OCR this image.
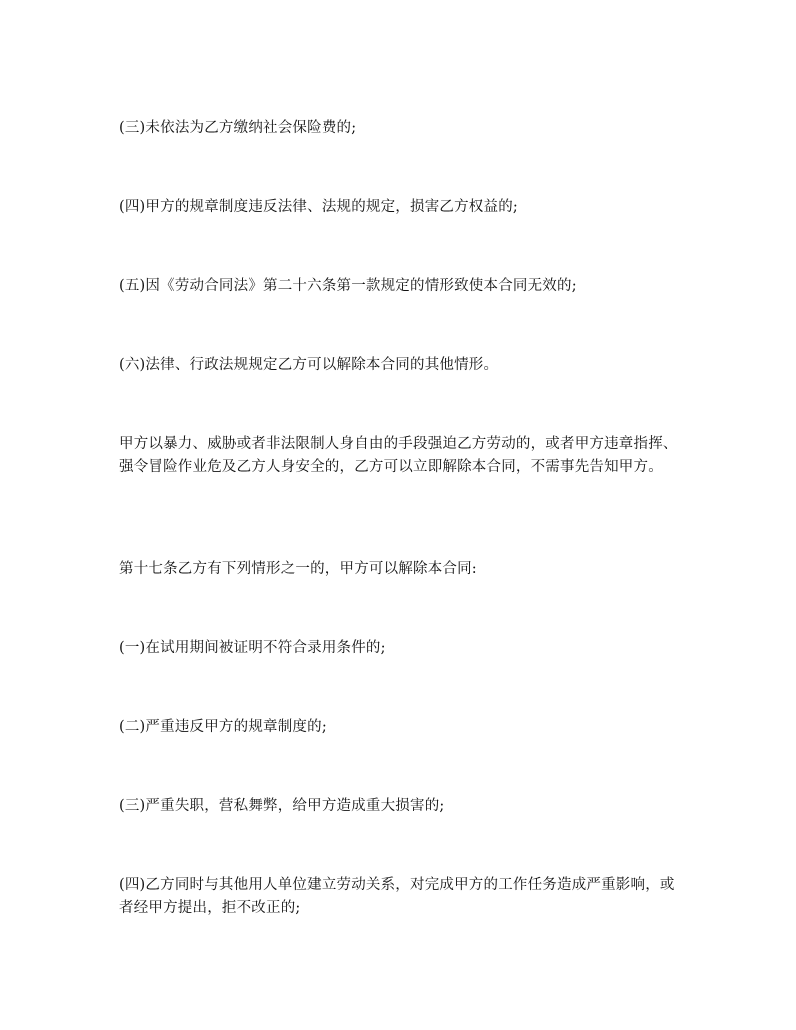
(三)未依法为乙方缴纳社会保险费的;

(四)甲方的规章制度违反法律、法规的规定，损害乙方权益的;

(五)因《劳动合同法》第二十六条第一款规定的情形致使本合同无效的;

(六)法律、行政法规规定乙方可以解除本合同的其他情形。

甲方以暴力、威胁或者非法限制人身自由的手段强迫乙方劳动的，或者甲方违章指挥、强令冒险作业危及乙方人身安全的，乙方可以立即解除本合同，不需事先告知甲方。

第十七条乙方有下列情形之一的，甲方可以解除本合同:

(一)在试用期间被证明不符合录用条件的;

(二)严重违反甲方的规章制度的;

(三)严重失职，营私舞弊，给甲方造成重大损害的;

(四)乙方同时与其他用人单位建立劳动关系，对完成甲方的工作任务造成严重影响，或者经甲方提出，拒不改正的;
